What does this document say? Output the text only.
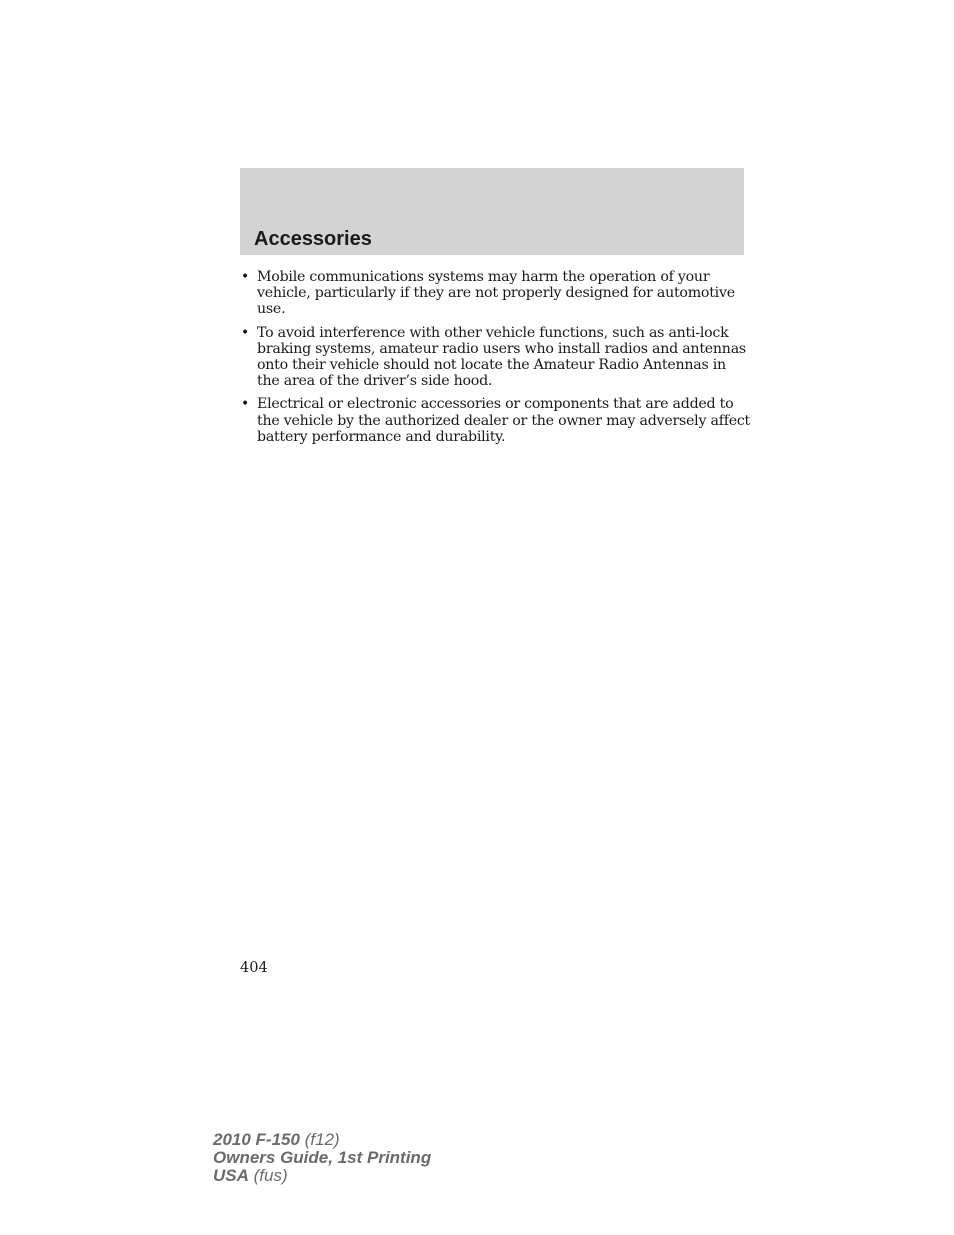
Accessories
• Mobile communications systems may harm the operation of your vehicle, particularly if they are not properly designed for automotive use.
• To avoid interference with other vehicle functions, such as anti-lock braking systems, amateur radio users who install radios and antennas onto their vehicle should not locate the Amateur Radio Antennas in the area of the driver’s side hood.
• Electrical or electronic accessories or components that are added to the vehicle by the authorized dealer or the owner may adversely affect battery performance and durability.
404
2010 F-150 (f12)
Owners Guide, 1st Printing
USA (fus)
